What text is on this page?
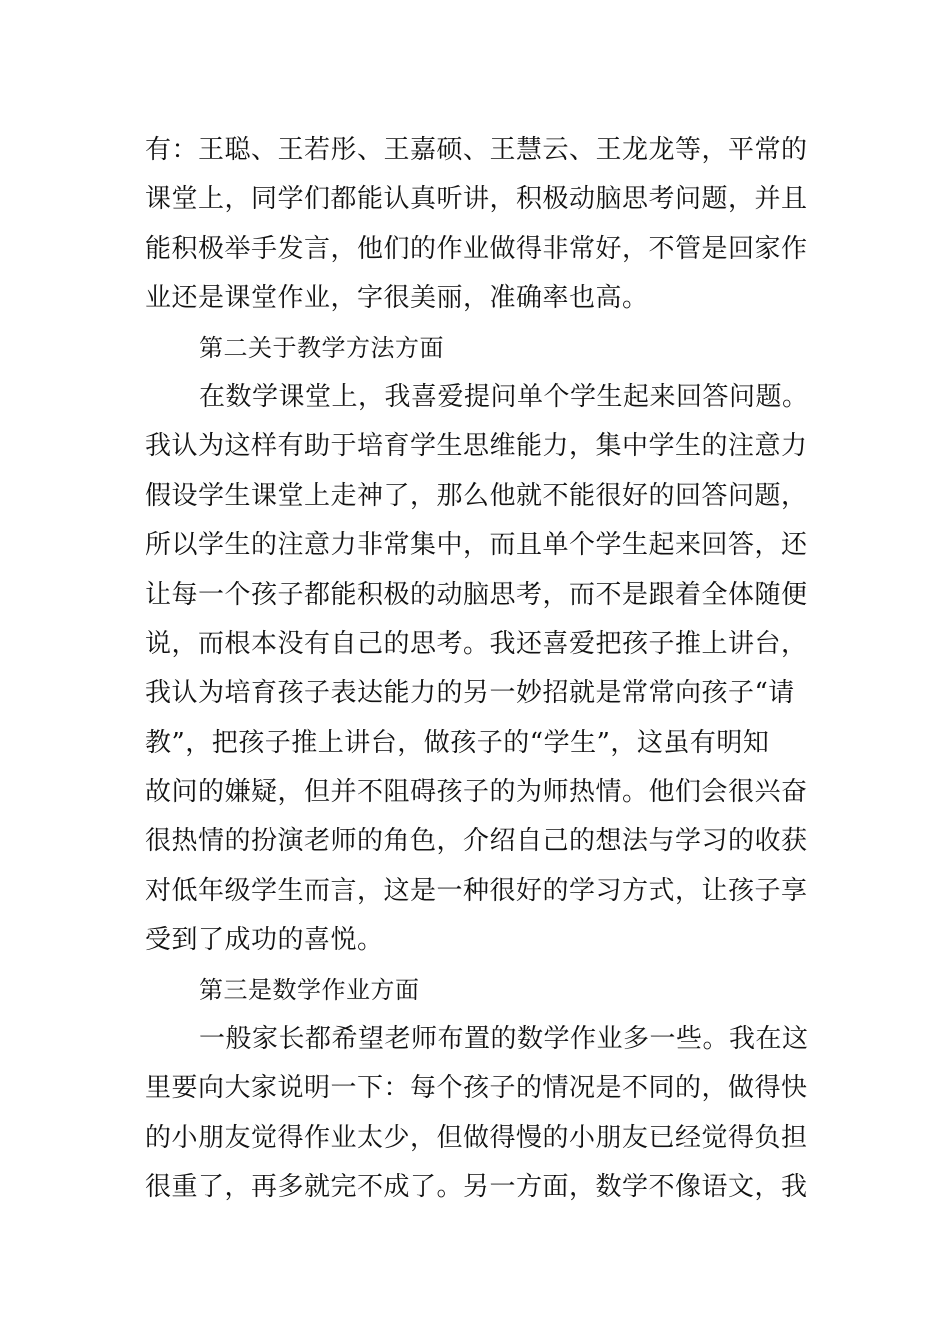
有：王聪、王若彤、王嘉硕、王慧云、王龙龙等，平常的
课堂上，同学们都能认真听讲，积极动脑思考问题，并且
能积极举手发言，他们的作业做得非常好，不管是回家作
业还是课堂作业，字很美丽，准确率也高。
第二关于教学方法方面
在数学课堂上，我喜爱提问单个学生起来回答问题。
我认为这样有助于培育学生思维能力，集中学生的注意力
假设学生课堂上走神了，那么他就不能很好的回答问题，
所以学生的注意力非常集中，而且单个学生起来回答，还
让每一个孩子都能积极的动脑思考，而不是跟着全体随便
说，而根本没有自己的思考。我还喜爱把孩子推上讲台，
我认为培育孩子表达能力的另一妙招就是常常向孩子“请
教”，把孩子推上讲台，做孩子的“学生”，这虽有明知
故问的嫌疑，但并不阻碍孩子的为师热情。他们会很兴奋
很热情的扮演老师的角色，介绍自己的想法与学习的收获
对低年级学生而言，这是一种很好的学习方式，让孩子享
受到了成功的喜悦。
第三是数学作业方面
一般家长都希望老师布置的数学作业多一些。我在这
里要向大家说明一下：每个孩子的情况是不同的，做得快
的小朋友觉得作业太少，但做得慢的小朋友已经觉得负担
很重了，再多就完不成了。另一方面，数学不像语文，我
